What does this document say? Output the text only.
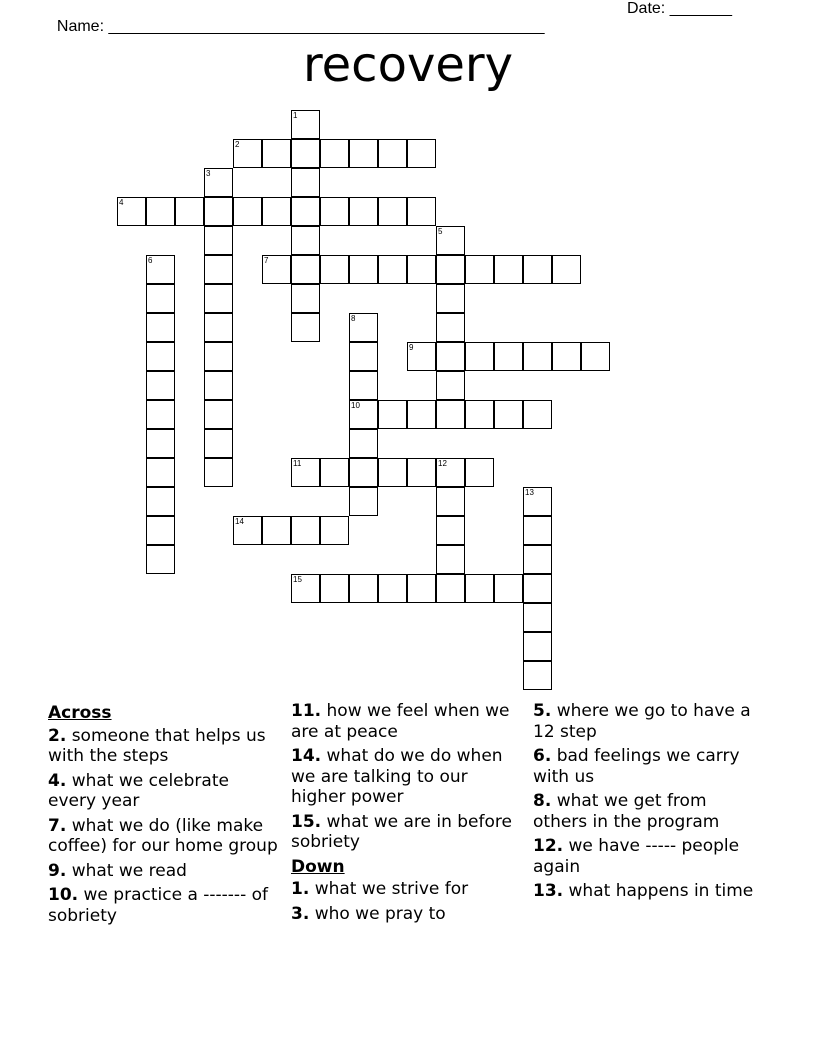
Name: _________________________________________________

Date: _______

recovery
1
2
3
4
5
6	7
8
10
9
11	12
13
14
15
Across
2. someone that helps us with the steps
4. what we celebrate every year
7. what we do (like make coffee) for our home group
9. what we read
10. we practice a ------- of sobriety
11. how we feel when we are at peace
14. what do we do when we are talking to our higher power
15. what we are in before sobriety
Down
1. what we strive for
3. who we pray to
5. where we go to have a 12 step
6. bad feelings we carry with us
8. what we get from others in the program
12. we have ----- people again
13. what happens in time
